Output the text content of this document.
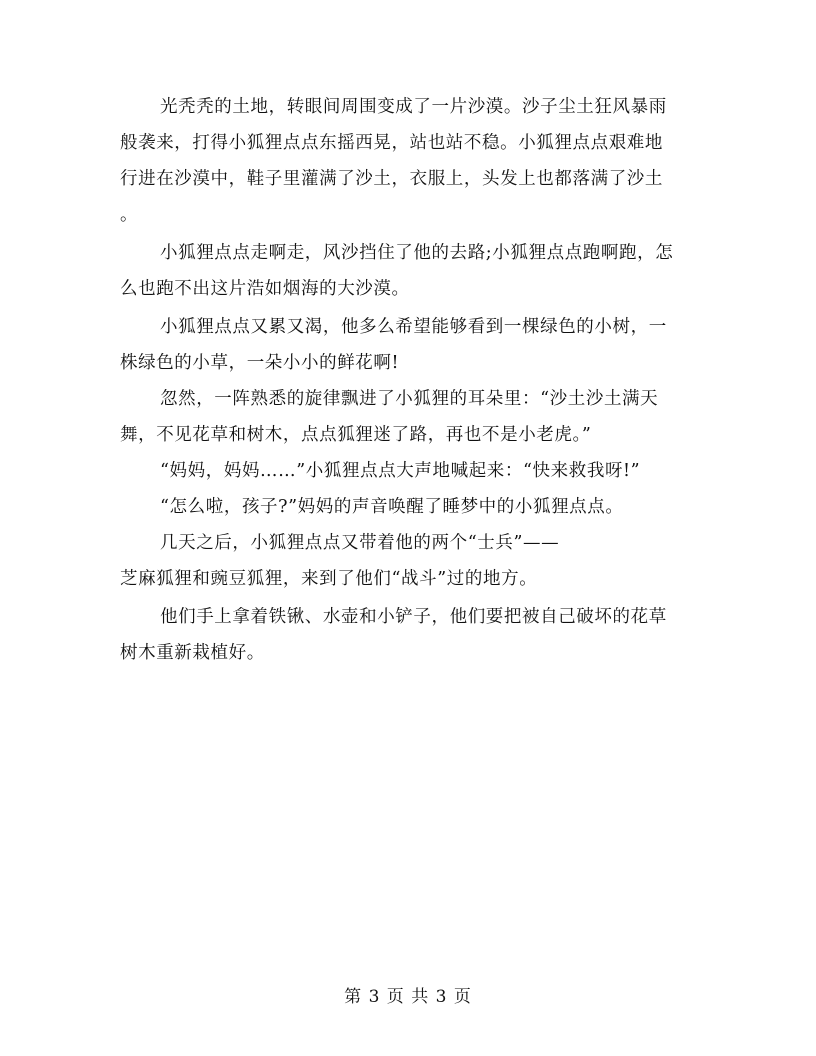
光秃秃的土地，转眼间周围变成了一片沙漠。沙子尘土狂风暴雨
般袭来，打得小狐狸点点东摇西晃，站也站不稳。小狐狸点点艰难地
行进在沙漠中，鞋子里灌满了沙土，衣服上，头发上也都落满了沙土
。
小狐狸点点走啊走，风沙挡住了他的去路;小狐狸点点跑啊跑，怎
么也跑不出这片浩如烟海的大沙漠。
小狐狸点点又累又渴，他多么希望能够看到一棵绿色的小树，一
株绿色的小草，一朵小小的鲜花啊!
忽然，一阵熟悉的旋律飘进了小狐狸的耳朵里：“沙土沙土满天
舞，不见花草和树木，点点狐狸迷了路，再也不是小老虎。”
“妈妈，妈妈……”小狐狸点点大声地喊起来：“快来救我呀!”
“怎么啦，孩子?”妈妈的声音唤醒了睡梦中的小狐狸点点。
几天之后，小狐狸点点又带着他的两个“士兵”——
芝麻狐狸和豌豆狐狸，来到了他们“战斗”过的地方。
他们手上拿着铁锹、水壶和小铲子，他们要把被自己破坏的花草
树木重新栽植好。
第 3 页 共 3 页
